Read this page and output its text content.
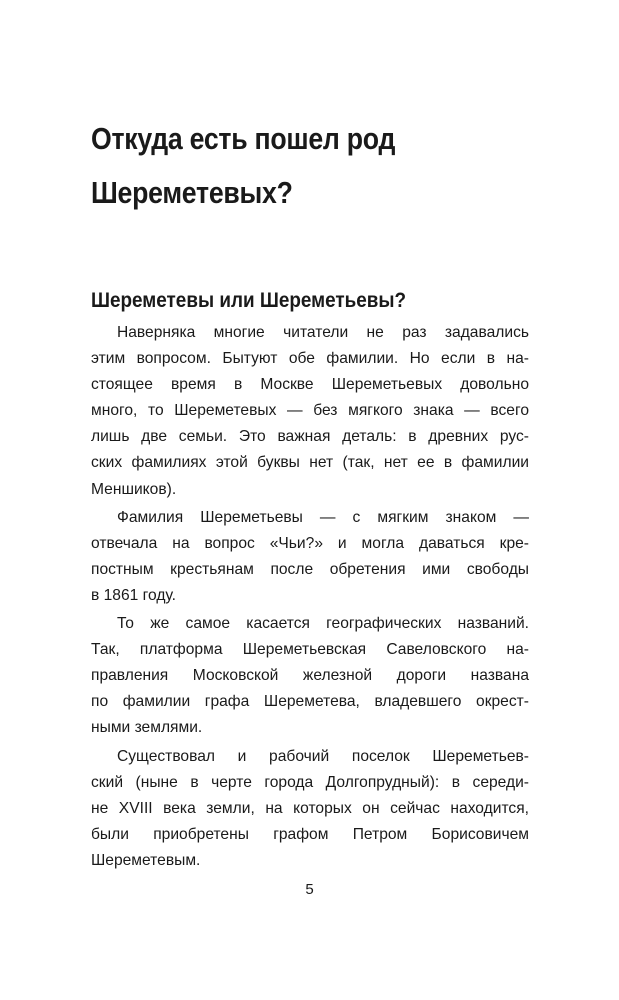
Откуда есть пошел род
Шереметевых?
Шереметевы или Шереметьевы?
Наверняка многие читатели не раз задавались
этим вопросом. Бытуют обе фамилии. Но если в на-
стоящее время в Москве Шереметьевых довольно
много, то Шереметевых — без мягкого знака — всего
лишь две семьи. Это важная деталь: в древних рус-
ских фамилиях этой буквы нет (так, нет ее в фамилии
Меншиков).
Фамилия Шереметьевы — с мягким знаком —
отвечала на вопрос «Чьи?» и могла даваться кре-
постным крестьянам после обретения ими свободы
в 1861 году.
То же самое касается географических названий.
Так, платформа Шереметьевская Савеловского на-
правления Московской железной дороги названа
по фамилии графа Шереметева, владевшего окрест-
ными землями.
Существовал и рабочий поселок Шереметьев-
ский (ныне в черте города Долгопрудный): в середи-
не XVIII века земли, на которых он сейчас находится,
были приобретены графом Петром Борисовичем
Шереметевым.
5
